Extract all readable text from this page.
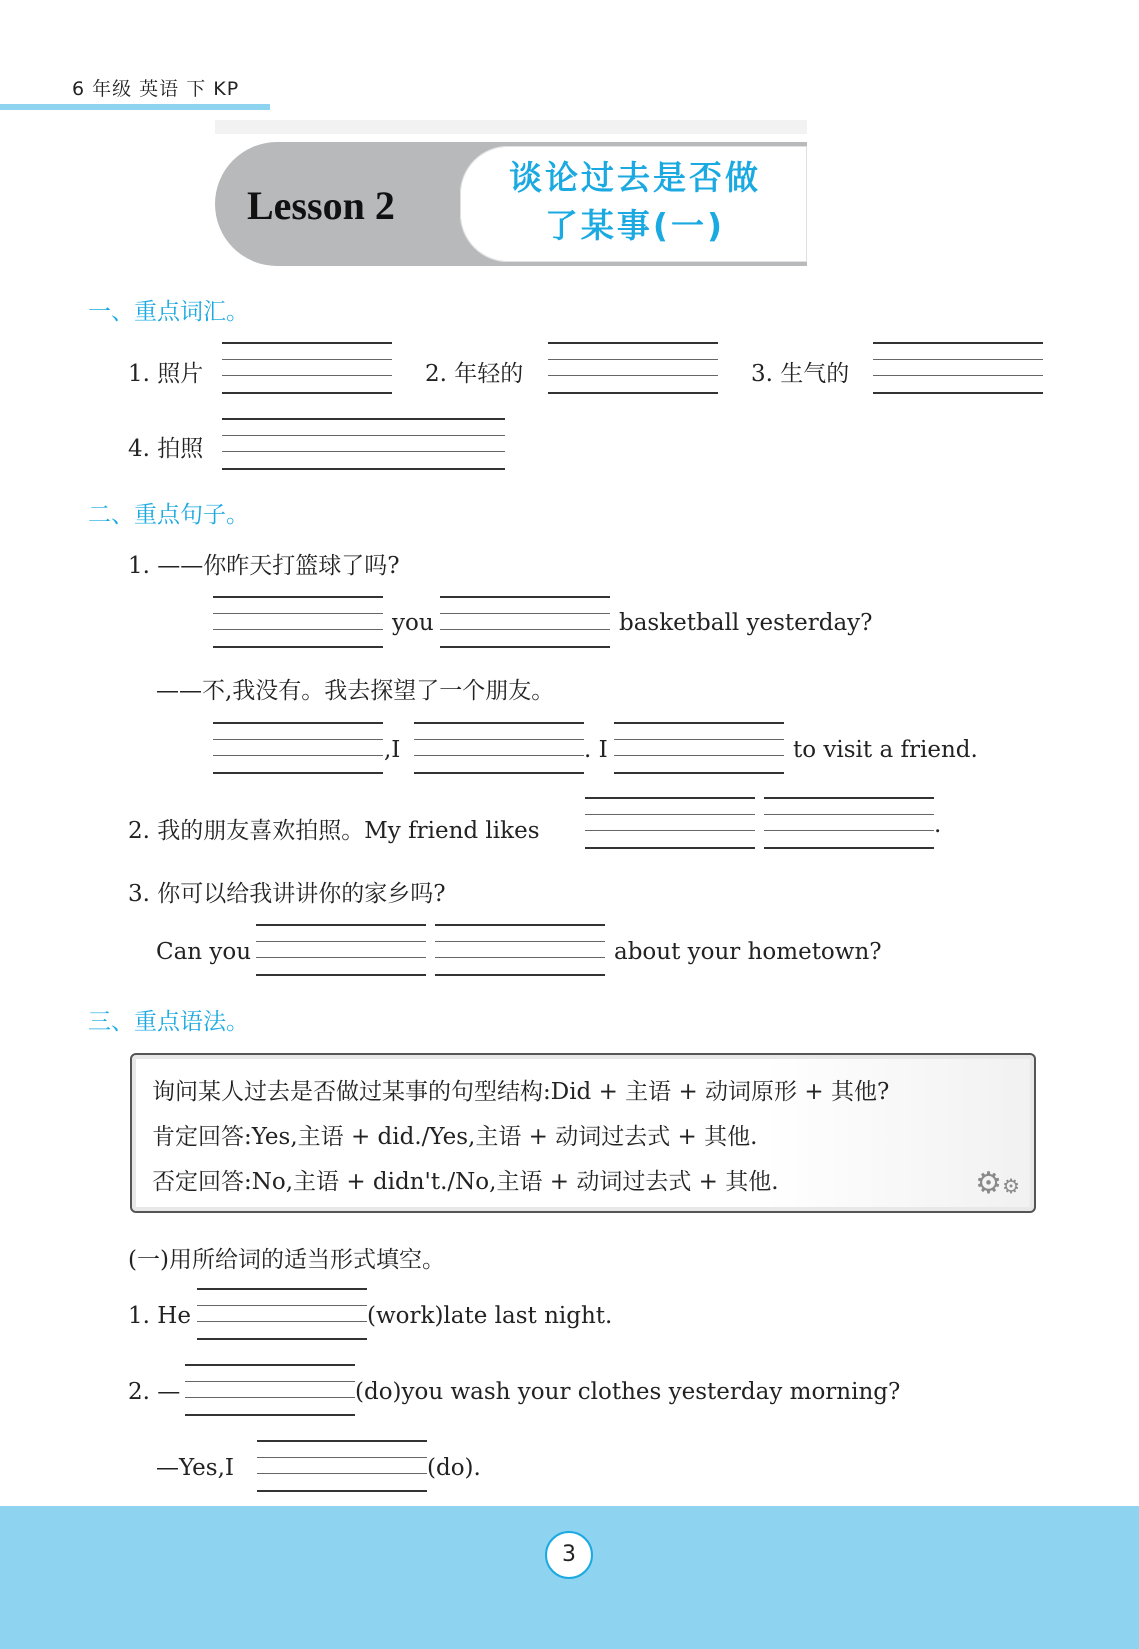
6 年级 英语 下 KP
Lesson 2
谈论过去是否做
了某事(一)
一、重点词汇。
1. 照片	2. 年轻的	3. 生气的
4. 拍照
二、重点句子。
1. ——你昨天打篮球了吗?
you	basketball yesterday?
——不,我没有。我去探望了一个朋友。
,I	. I	to visit a friend.
2. 我的朋友喜欢拍照。My friend likes	.
3. 你可以给我讲讲你的家乡吗?
Can you	about your hometown?
三、重点语法。
询问某人过去是否做过某事的句型结构:Did + 主语 + 动词原形 + 其他?
肯定回答:Yes,主语 + did./Yes,主语 + 动词过去式 + 其他.
否定回答:No,主语 + didn't./No,主语 + 动词过去式 + 其他.	⚙⚙
(一)用所给词的适当形式填空。
1. He	(work)late last night.
2. —	(do)you wash your clothes yesterday morning?
—Yes,I	(do).
3
